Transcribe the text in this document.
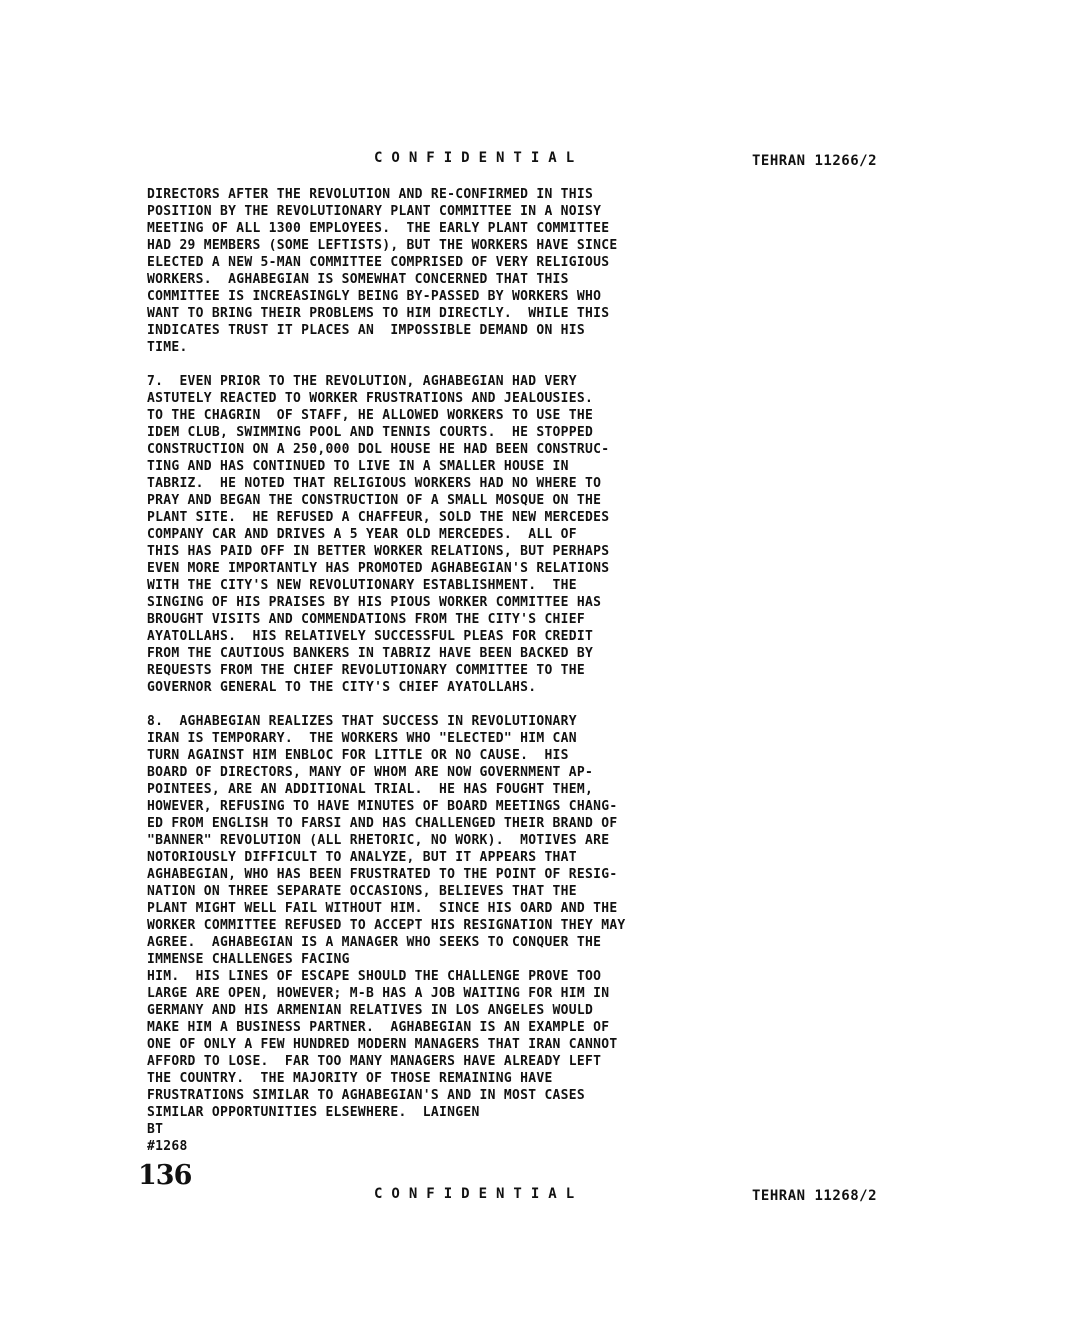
CONFIDENTIAL	TEHRAN 11266/2
DIRECTORS AFTER THE REVOLUTION AND RE-CONFIRMED IN THIS
POSITION BY THE REVOLUTIONARY PLANT COMMITTEE IN A NOISY
MEETING OF ALL 1300 EMPLOYEES.  THE EARLY PLANT COMMITTEE
HAD 29 MEMBERS (SOME LEFTISTS), BUT THE WORKERS HAVE SINCE
ELECTED A NEW 5-MAN COMMITTEE COMPRISED OF VERY RELIGIOUS
WORKERS.  AGHABEGIAN IS SOMEWHAT CONCERNED THAT THIS
COMMITTEE IS INCREASINGLY BEING BY-PASSED BY WORKERS WHO
WANT TO BRING THEIR PROBLEMS TO HIM DIRECTLY.  WHILE THIS
INDICATES TRUST IT PLACES AN  IMPOSSIBLE DEMAND ON HIS
TIME.
7.  EVEN PRIOR TO THE REVOLUTION, AGHABEGIAN HAD VERY
ASTUTELY REACTED TO WORKER FRUSTRATIONS AND JEALOUSIES.
TO THE CHAGRIN  OF STAFF, HE ALLOWED WORKERS TO USE THE
IDEM CLUB, SWIMMING POOL AND TENNIS COURTS.  HE STOPPED
CONSTRUCTION ON A 250,000 DOL HOUSE HE HAD BEEN CONSTRUC-
TING AND HAS CONTINUED TO LIVE IN A SMALLER HOUSE IN
TABRIZ.  HE NOTED THAT RELIGIOUS WORKERS HAD NO WHERE TO
PRAY AND BEGAN THE CONSTRUCTION OF A SMALL MOSQUE ON THE
PLANT SITE.  HE REFUSED A CHAFFEUR, SOLD THE NEW MERCEDES
COMPANY CAR AND DRIVES A 5 YEAR OLD MERCEDES.  ALL OF
THIS HAS PAID OFF IN BETTER WORKER RELATIONS, BUT PERHAPS
EVEN MORE IMPORTANTLY HAS PROMOTED AGHABEGIAN'S RELATIONS
WITH THE CITY'S NEW REVOLUTIONARY ESTABLISHMENT.  THE
SINGING OF HIS PRAISES BY HIS PIOUS WORKER COMMITTEE HAS
BROUGHT VISITS AND COMMENDATIONS FROM THE CITY'S CHIEF
AYATOLLAHS.  HIS RELATIVELY SUCCESSFUL PLEAS FOR CREDIT
FROM THE CAUTIOUS BANKERS IN TABRIZ HAVE BEEN BACKED BY
REQUESTS FROM THE CHIEF REVOLUTIONARY COMMITTEE TO THE
GOVERNOR GENERAL TO THE CITY'S CHIEF AYATOLLAHS.
8.  AGHABEGIAN REALIZES THAT SUCCESS IN REVOLUTIONARY
IRAN IS TEMPORARY.  THE WORKERS WHO "ELECTED" HIM CAN
TURN AGAINST HIM ENBLOC FOR LITTLE OR NO CAUSE.  HIS
BOARD OF DIRECTORS, MANY OF WHOM ARE NOW GOVERNMENT AP-
POINTEES, ARE AN ADDITIONAL TRIAL.  HE HAS FOUGHT THEM,
HOWEVER, REFUSING TO HAVE MINUTES OF BOARD MEETINGS CHANG-
ED FROM ENGLISH TO FARSI AND HAS CHALLENGED THEIR BRAND OF
"BANNER" REVOLUTION (ALL RHETORIC, NO WORK).  MOTIVES ARE
NOTORIOUSLY DIFFICULT TO ANALYZE, BUT IT APPEARS THAT
AGHABEGIAN, WHO HAS BEEN FRUSTRATED TO THE POINT OF RESIG-
NATION ON THREE SEPARATE OCCASIONS, BELIEVES THAT THE
PLANT MIGHT WELL FAIL WITHOUT HIM.  SINCE HIS OARD AND THE
WORKER COMMITTEE REFUSED TO ACCEPT HIS RESIGNATION THEY MAY
AGREE.  AGHABEGIAN IS A MANAGER WHO SEEKS TO CONQUER THE
IMMENSE CHALLENGES FACING
HIM.  HIS LINES OF ESCAPE SHOULD THE CHALLENGE PROVE TOO
LARGE ARE OPEN, HOWEVER; M-B HAS A JOB WAITING FOR HIM IN
GERMANY AND HIS ARMENIAN RELATIVES IN LOS ANGELES WOULD
MAKE HIM A BUSINESS PARTNER.  AGHABEGIAN IS AN EXAMPLE OF
ONE OF ONLY A FEW HUNDRED MODERN MANAGERS THAT IRAN CANNOT
AFFORD TO LOSE.  FAR TOO MANY MANAGERS HAVE ALREADY LEFT
THE COUNTRY.  THE MAJORITY OF THOSE REMAINING HAVE
FRUSTRATIONS SIMILAR TO AGHABEGIAN'S AND IN MOST CASES
SIMILAR OPPORTUNITIES ELSEWHERE.  LAINGEN
BT
#1268
136
CONFIDENTIAL	TEHRAN 11268/2
